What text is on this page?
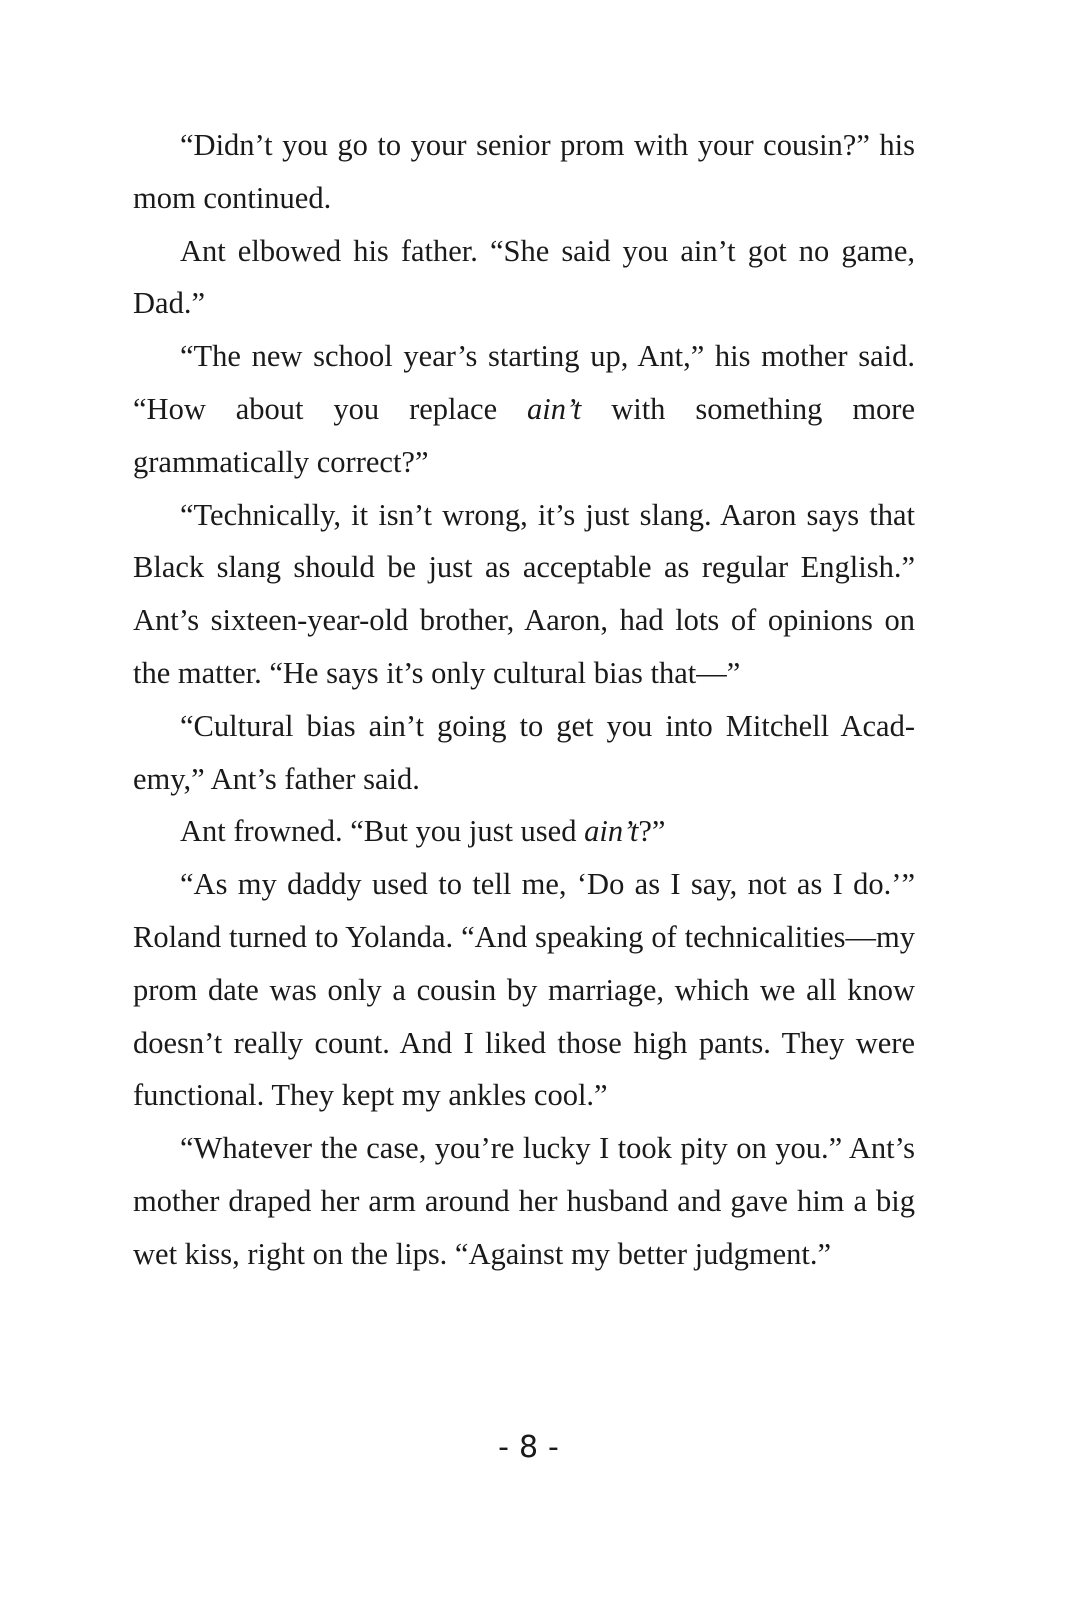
“Didn’t you go to your senior prom with your cousin?” his mom continued.

Ant elbowed his father. “She said you ain’t got no game, Dad.”

“The new school year’s starting up, Ant,” his mother said. “How about you replace ain’t with something more grammatically correct?”

“Technically, it isn’t wrong, it’s just slang. Aaron says that Black slang should be just as acceptable as regular English.” Ant’s sixteen-year-old brother, Aaron, had lots of opinions on the matter. “He says it’s only cultural bias that—”

“Cultural bias ain’t going to get you into Mitchell Academy,” Ant’s father said.

Ant frowned. “But you just used ain’t?”

“As my daddy used to tell me, ‘Do as I say, not as I do.’” Roland turned to Yolanda. “And speaking of technicalities—my prom date was only a cousin by marriage, which we all know doesn’t really count. And I liked those high pants. They were functional. They kept my ankles cool.”

“Whatever the case, you’re lucky I took pity on you.” Ant’s mother draped her arm around her husband and gave him a big wet kiss, right on the lips. “Against my better judgment.”

-8-
